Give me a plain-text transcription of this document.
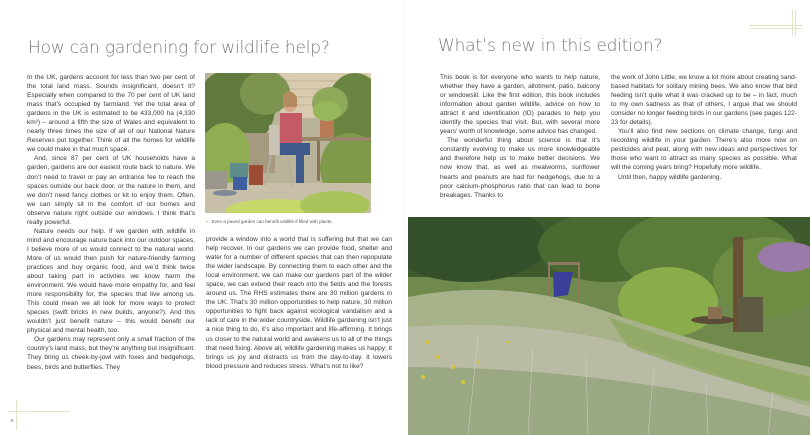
How can gardening for wildlife help?

In the UK, gardens account for less than two per cent of the total land mass. Sounds insignificant, doesn’t it? Especially when compared to the 70 per cent of UK land mass that’s occupied by farmland. Yet the total area of gardens in the UK is estimated to be 433,000 ha (4,330 km²) – around a fifth the size of Wales and equivalent to nearly three times the size of all of our National Nature Reserves put together. Think of all the homes for wildlife we could make in that much space.

And, since 87 per cent of UK households have a garden, gardens are our easiest route back to nature. We don’t need to travel or pay an entrance fee to reach the spaces outside our back door, or the nature in them, and we don’t need fancy clothes or kit to enjoy them. Often, we can simply sit in the comfort of our homes and observe nature right outside our windows. I think that’s really powerful.

Nature needs our help. If we garden with wildlife in mind and encourage nature back into our outdoor spaces, I believe more of us would connect to the natural world. More of us would then push for nature-friendly farming practices and buy organic food, and we’d think twice about taking part in activities we know harm the environment. We would have more empathy for, and feel more responsibility for, the species that live among us. This could mean we all look for more ways to protect species (swift bricks in new builds, anyone?). And this wouldn’t just benefit nature – this would benefit our physical and mental health, too.

Our gardens may represent only a small fraction of the country’s land mass, but they’re anything but insignificant. They bring us cheek-by-jowl with foxes and hedgehogs, bees, birds and butterflies. They

« Even a paved garden can benefit wildlife if filled with plants.

provide a window into a world that is suffering but that we can help recover. In our gardens we can provide food, shelter and water for a number of different species that can then repopulate the wider landscape. By connecting them to each other and the local environment, we can make our gardens part of the wilder space, we can extend their reach into the fields and the forests around us. The RHS estimates there are 30 million gardens in the UK. That’s 30 million opportunities to help nature, 30 million opportunities to fight back against ecological vandalism and a lack of care in the wider countryside. Wildlife gardening isn’t just a nice thing to do, it’s also important and life-affirming. It brings us closer to the natural world and awakens us to all of the things that need fixing. Above all, wildlife gardening makes us happy; it brings us joy and distracts us from the day-to-day. It lowers blood pressure and reduces stress. What’s not to like?

6
What’s new in this edition?

This book is for everyone who wants to help nature, whether they have a garden, allotment, patio, balcony or windowsill. Like the first edition, this book includes information about garden wildlife, advice on how to attract it and identification (ID) parades to help you identify the species that visit. But, with several more years’ worth of knowledge, some advice has changed.

The wonderful thing about science is that it’s constantly evolving to make us more knowledgeable and therefore help us to make better decisions. We now know that, as well as mealworms, sunflower hearts and peanuts are bad for hedgehogs, due to a poor calcium-phosphorus ratio that can lead to bone breakages. Thanks to

the work of John Little, we know a lot more about creating sand-based habitats for solitary mining bees. We also know that bird feeding isn’t quite what it was cracked up to be – in fact, much to my own sadness as that of others, I argue that we should consider no longer feeding birds in our gardens (see pages 122-23 for details).

You’ll also find new sections on climate change, fungi and recording wildlife in your garden. There’s also more now on pesticides and peat, along with new ideas and perspectives for those who want to attract as many species as possible. What will the coming years bring? Hopefully more wildlife.

Until then, happy wildlife gardening.
